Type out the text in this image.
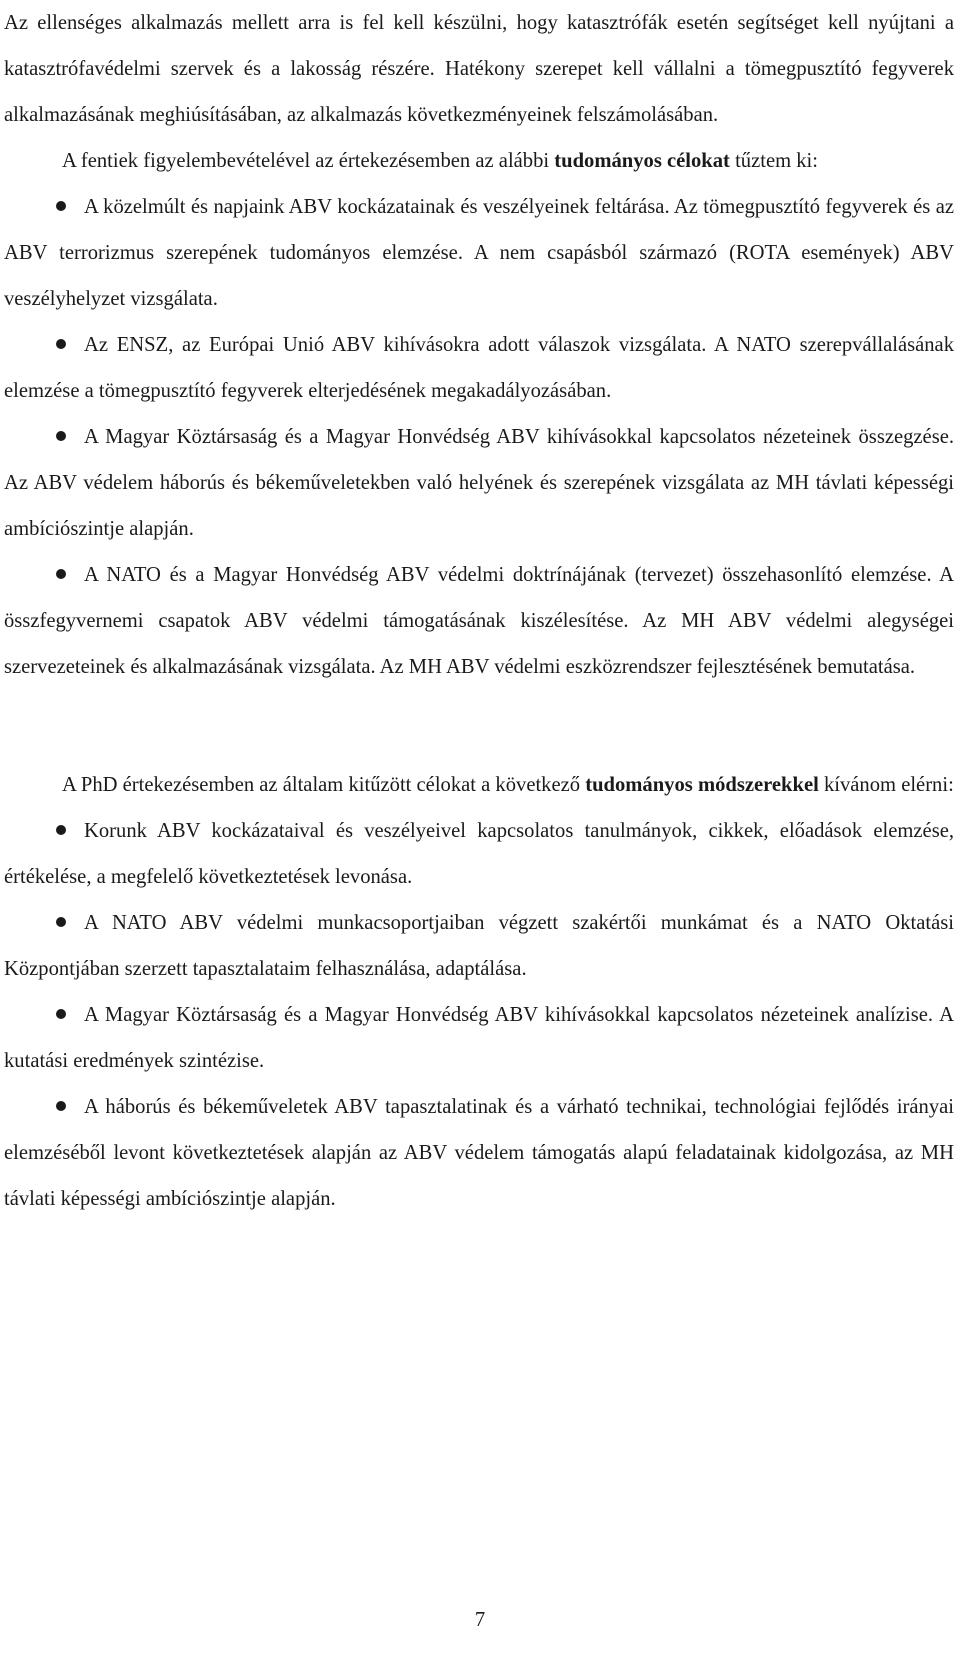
Az ellenséges alkalmazás mellett arra is fel kell készülni, hogy katasztrófák esetén segítséget kell nyújtani a katasztrófavédelmi szervek és a lakosság részére. Hatékony szerepet kell vállalni a tömegpusztító fegyverek alkalmazásának meghiúsításában, az alkalmazás következményeinek felszámolásában.

A fentiek figyelembevételével az értekezésemben az alábbi tudományos célokat tűztem ki:

A közelmúlt és napjaink ABV kockázatainak és veszélyeinek feltárása. Az tömegpusztító fegyverek és az ABV terrorizmus szerepének tudományos elemzése. A nem csapásból származó (ROTA események) ABV veszélyhelyzet vizsgálata.

Az ENSZ, az Európai Unió ABV kihívásokra adott válaszok vizsgálata. A NATO szerepvállalásának elemzése a tömegpusztító fegyverek elterjedésének megakadályozásában.

A Magyar Köztársaság és a Magyar Honvédség ABV kihívásokkal kapcsolatos nézeteinek összegzése. Az ABV védelem háborús és békeműveletekben való helyének és szerepének vizsgálata az MH távlati képességi ambíciószintje alapján.

A NATO és a Magyar Honvédség ABV védelmi doktrínájának (tervezet) összehasonlító elemzése. A összfegyvernemi csapatok ABV védelmi támogatásának kiszélesítése. Az MH ABV védelmi alegységei szervezeteinek és alkalmazásának vizsgálata. Az MH ABV védelmi eszközrendszer fejlesztésének bemutatása.

A PhD értekezésemben az általam kitűzött célokat a következő tudományos módszerekkel kívánom elérni:

Korunk ABV kockázataival és veszélyeivel kapcsolatos tanulmányok, cikkek, előadások elemzése, értékelése, a megfelelő következtetések levonása.

A NATO ABV védelmi munkacsoportjaiban végzett szakértői munkámat és a NATO Oktatási Központjában szerzett tapasztalataim felhasználása, adaptálása.

A Magyar Köztársaság és a Magyar Honvédség ABV kihívásokkal kapcsolatos nézeteinek analízise. A kutatási eredmények szintézise.

A háborús és békeműveletek ABV tapasztalatinak és a várható technikai, technológiai fejlődés irányai elemzéséből levont következtetések alapján az ABV védelem támogatás alapú feladatainak kidolgozása, az MH távlati képességi ambíciószintje alapján.

7
